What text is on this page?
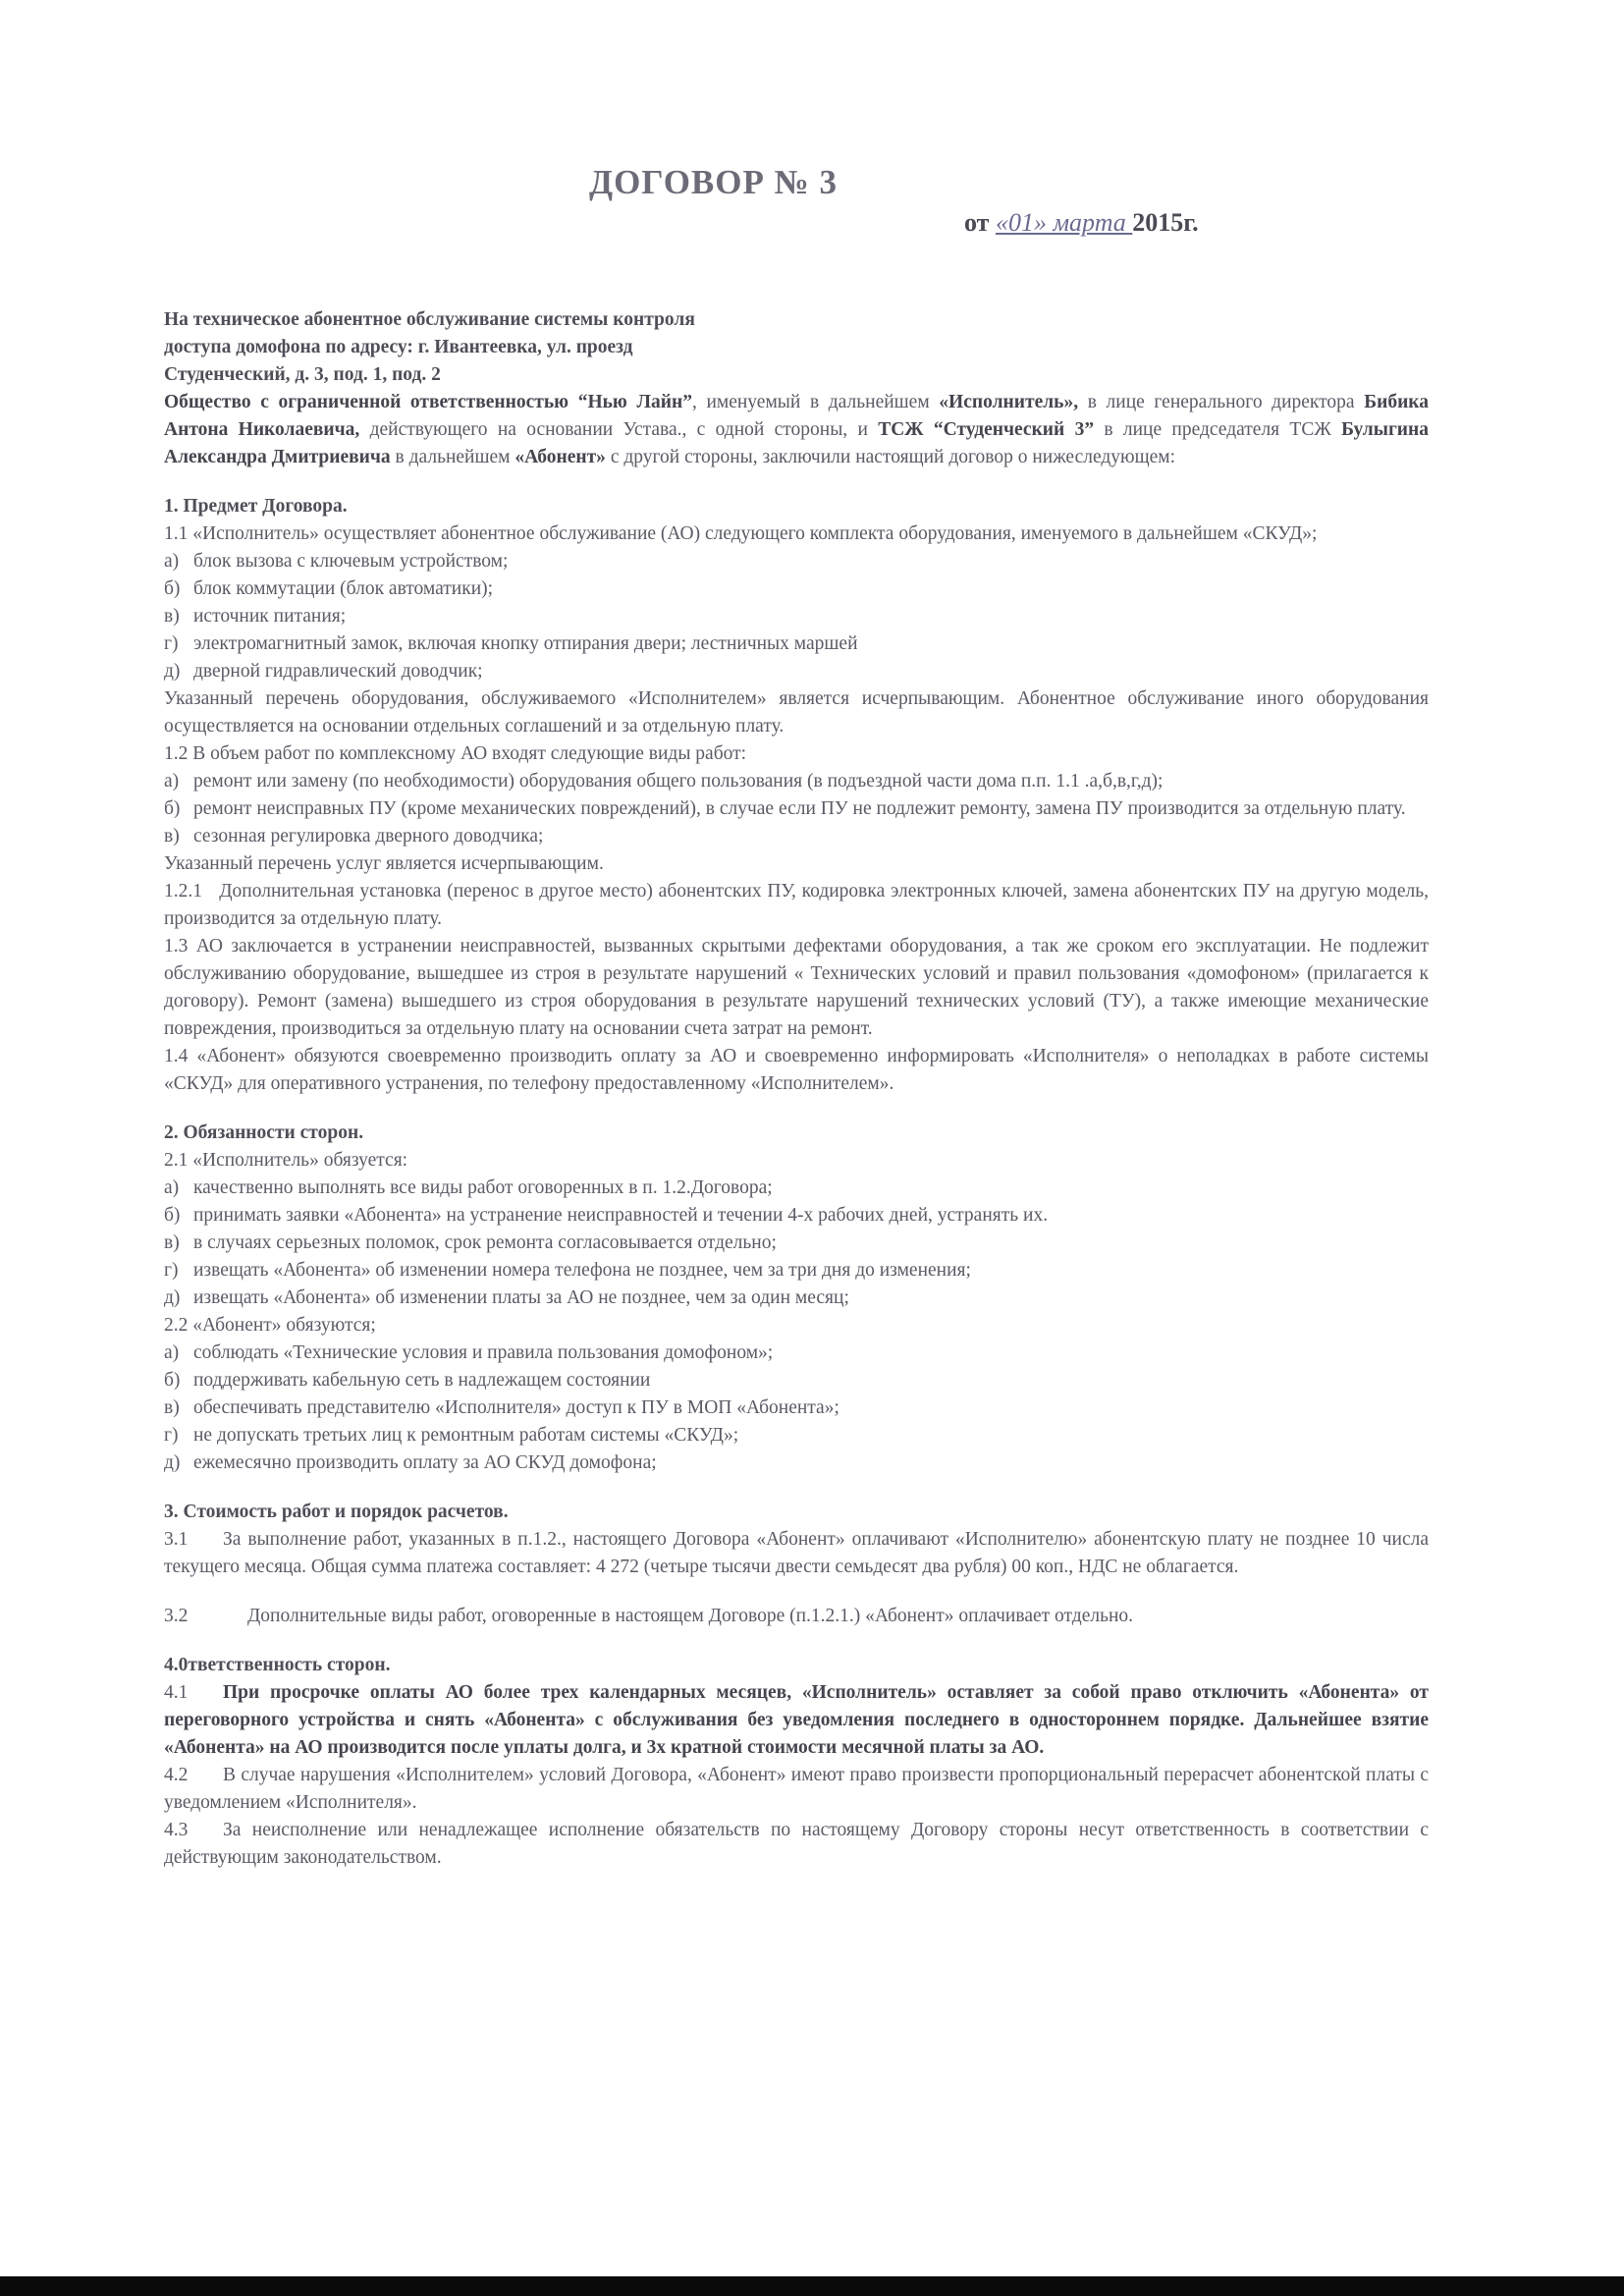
ДОГОВОР № 3
от «01» марта 2015г.

На техническое абонентное обслуживание системы контроля

доступа домофона по адресу: г. Ивантеевка, ул. проезд

Студенческий, д. 3, под. 1, под. 2

Общество с ограниченной ответственностью “Нью Лайн”, именуемый в дальнейшем «Исполнитель», в лице генерального директора Бибика Антона Николаевича, действующего на основании Устава., с одной стороны, и ТСЖ “Студенческий 3” в лице председателя ТСЖ Булыгина Александра Дмитриевича в дальнейшем «Абонент» с другой стороны, заключили настоящий договор о нижеследующем:

1. Предмет Договора.

1.1 «Исполнитель» осуществляет абонентное обслуживание (АО) следующего комплекта оборудования, именуемого в дальнейшем «СКУД»;

а) блок вызова с ключевым устройством;
б) блок коммутации (блок автоматики);
в) источник питания;
г) электромагнитный замок, включая кнопку отпирания двери; лестничных маршей
д) дверной гидравлический доводчик;

Указанный перечень оборудования, обслуживаемого «Исполнителем» является исчерпывающим. Абонентное обслуживание иного оборудования осуществляется на основании отдельных соглашений и за отдельную плату.

1.2 В объем работ по комплексному АО входят следующие виды работ:

а) ремонт или замену (по необходимости) оборудования общего пользования (в подъездной части дома п.п. 1.1 .а,б,в,г,д);
б) ремонт неисправных ПУ (кроме механических повреждений), в случае если ПУ не подлежит ремонту, замена ПУ производится за отдельную плату.
в) сезонная регулировка дверного доводчика;

Указанный перечень услуг является исчерпывающим.

1.2.1 Дополнительная установка (перенос в другое место) абонентских ПУ, кодировка электронных ключей, замена абонентских ПУ на другую модель, производится за отдельную плату.

1.3 АО заключается в устранении неисправностей, вызванных скрытыми дефектами оборудования, а так же сроком его эксплуатации. Не подлежит обслуживанию оборудование, вышедшее из строя в результате нарушений « Технических условий и правил пользования «домофоном» (прилагается к договору). Ремонт (замена) вышедшего из строя оборудования в результате нарушений технических условий (ТУ), а также имеющие механические повреждения, производиться за отдельную плату на основании счета затрат на ремонт.

1.4 «Абонент» обязуются своевременно производить оплату за АО и своевременно информировать «Исполнителя» о неполадках в работе системы «СКУД» для оперативного устранения, по телефону предоставленному «Исполнителем».

2. Обязанности сторон.

2.1 «Исполнитель» обязуется:

а) качественно выполнять все виды работ оговоренных в п. 1.2.Договора;
б) принимать заявки «Абонента» на устранение неисправностей и течении 4-х рабочих дней, устранять их.
в) в случаях серьезных поломок, срок ремонта согласовывается отдельно;
г) извещать «Абонента» об изменении номера телефона не позднее, чем за три дня до изменения;
д) извещать «Абонента» об изменении платы за АО не позднее, чем за один месяц;

2.2 «Абонент» обязуются;

а) соблюдать «Технические условия и правила пользования домофоном»;
б) поддерживать кабельную сеть в надлежащем состоянии
в) обеспечивать представителю «Исполнителя» доступ к ПУ в МОП «Абонента»;
г) не допускать третьих лиц к ремонтным работам системы «СКУД»;
д) ежемесячно производить оплату за АО СКУД домофона;

3. Стоимость работ и порядок расчетов.

3.1 За выполнение работ, указанных в п.1.2., настоящего Договора «Абонент» оплачивают «Исполнителю» абонентскую плату не позднее 10 числа текущего месяца. Общая сумма платежа составляет: 4 272 (четыре тысячи двести семьдесят два рубля) 00 коп., НДС не облагается.

3.2	Дополнительные виды работ, оговоренные в настоящем Договоре (п.1.2.1.) «Абонент» оплачивает отдельно.

4.0тветственность сторон.

4.1 При просрочке оплаты АО более трех календарных месяцев, «Исполнитель» оставляет за собой право отключить «Абонента» от переговорного устройства и снять «Абонента» с обслуживания без уведомления последнего в одностороннем порядке. Дальнейшее взятие «Абонента» на АО производится после уплаты долга, и 3х кратной стоимости месячной платы за АО.

4.2 В случае нарушения «Исполнителем» условий Договора, «Абонент» имеют право произвести пропорциональный перерасчет абонентской платы с уведомлением «Исполнителя».

4.3 За неисполнение или ненадлежащее исполнение обязательств по настоящему Договору стороны несут ответственность в соответствии с действующим законодательством.
